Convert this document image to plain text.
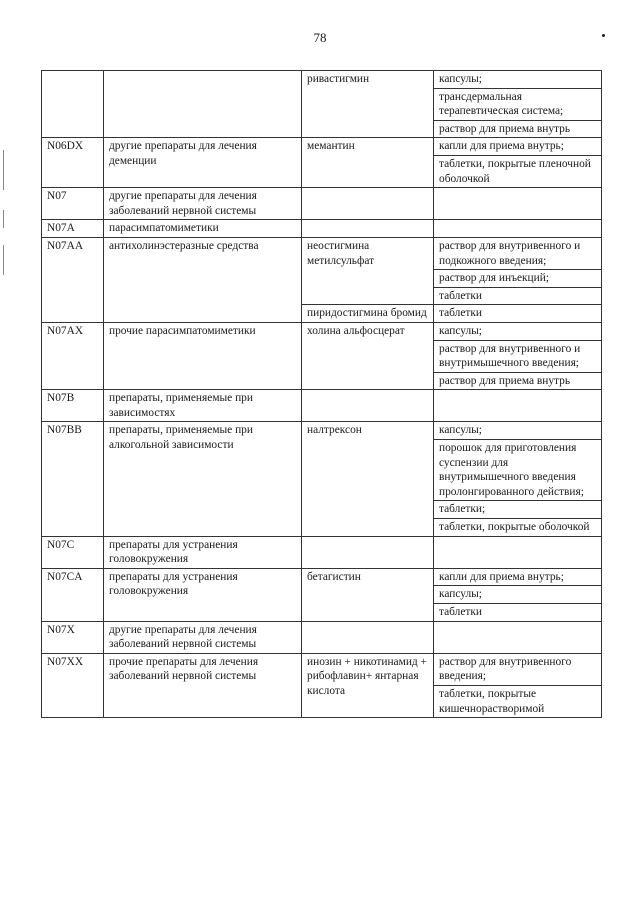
78
		ривастигмин	капсулы;
			трансдермальная терапевтическая система;
			раствор для приема внутрь
N06DX	другие препараты для лечения деменции	мемантин	капли для приема внутрь;
			таблетки, покрытые пленочной оболочкой
N07	другие препараты для лечения заболеваний нервной системы		
N07A	парасимпатомиметики		
N07AA	антихолинэстеразные средства	неостигмина метилсульфат	раствор для внутривенного и подкожного введения;
			раствор для инъекций;
			таблетки
		пиридостигмина бромид	таблетки
N07AX	прочие парасимпатомиметики	холина альфосцерат	капсулы;
			раствор для внутривенного и внутримышечного введения;
			раствор для приема внутрь
N07B	препараты, применяемые при зависимостях		
N07BB	препараты, применяемые при алкогольной зависимости	налтрексон	капсулы;
			порошок для приготовления суспензии для внутримышечного введения пролонгированного действия;
			таблетки;
			таблетки, покрытые оболочкой
N07C	препараты для устранения головокружения		
N07CA	препараты для устранения головокружения	бетагистин	капли для приема внутрь;
			капсулы;
			таблетки
N07X	другие препараты для лечения заболеваний нервной системы		
N07XX	прочие препараты для лечения заболеваний нервной системы	инозин + никотинамид + рибофлавин+ янтарная кислота	раствор для внутривенного введения;
			таблетки, покрытые кишечнорастворимой
